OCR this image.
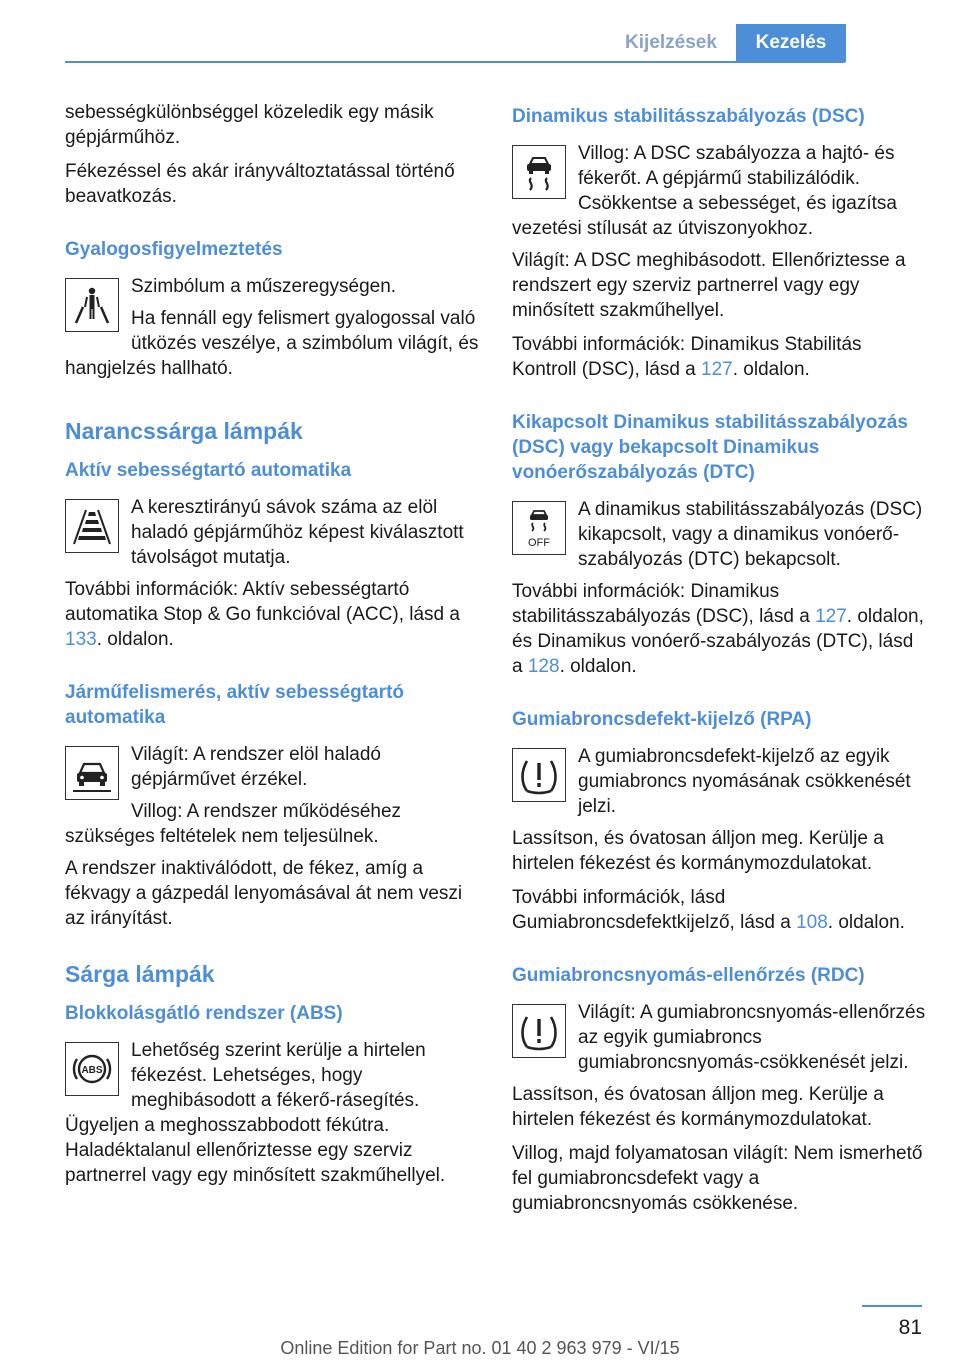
Kijelzések	Kezelés

sebességkülönbséggel közeledik egy másik gépjárműhöz.

Fékezéssel és akár irányváltoztatással történő beavatkozás.

Gyalogosfigyelmeztetés

Szimbólum a műszeregységen.

Ha fennáll egy felismert gyalogossal való ütközés veszélye, a szimbólum világít, és hangjelzés hallható.

Narancssárga lámpák
Aktív sebességtartó automatika

A keresztirányú sávok száma az elöl haladó gépjárműhöz képest kiválasztott távolságot mutatja.

További információk: Aktív sebességtartó automatika Stop & Go funkcióval (ACC), lásd a 133. oldalon.

Járműfelismerés, aktív sebességtartó automatika

Világít: A rendszer elöl haladó gépjárművet érzékel.

Villog: A rendszer működéséhez szükséges feltételek nem teljesülnek.

A rendszer inaktiválódott, de fékez, amíg a fékvagy a gázpedál lenyomásával át nem veszi az irányítást.

Sárga lámpák
Blokkolásgátló rendszer (ABS)
ABS

Lehetőség szerint kerülje a hirtelen fékezést. Lehetséges, hogy meghibásodott a fékerő-rásegítés. Ügyeljen a meghosszabbodott fékútra. Haladéktalanul ellenőriztesse egy szerviz partnerrel vagy egy minősített szakműhellyel.

Dinamikus stabilitásszabályozás (DSC)

Villog: A DSC szabályozza a hajtó- és fékerőt. A gépjármű stabilizálódik. Csökkentse a sebességet, és igazítsa vezetési stílusát az útviszonyokhoz.

Világít: A DSC meghibásodott. Ellenőriztesse a rendszert egy szerviz partnerrel vagy egy minősített szakműhellyel.

További információk: Dinamikus Stabilitás Kontroll (DSC), lásd a 127. oldalon.

Kikapcsolt Dinamikus stabilitásszabályozás (DSC) vagy bekapcsolt Dinamikus vonóerőszabályozás (DTC)
OFF

A dinamikus stabilitásszabályozás (DSC) kikapcsolt, vagy a dinamikus vonóerő-szabályozás (DTC) bekapcsolt.

További információk: Dinamikus stabilitásszabályozás (DSC), lásd a 127. oldalon, és Dinamikus vonóerő-szabályozás (DTC), lásd a 128. oldalon.

Gumiabroncsdefekt-kijelző (RPA)

A gumiabroncsdefekt-kijelző az egyik gumiabroncs nyomásának csökkenését jelzi.

Lassítson, és óvatosan álljon meg. Kerülje a hirtelen fékezést és kormánymozdulatokat.

További információk, lásd Gumiabroncsdefektkijelző, lásd a 108. oldalon.

Gumiabroncsnyomás-ellenőrzés (RDC)

Világít: A gumiabroncsnyomás-ellenőrzés az egyik gumiabroncs gumiabroncsnyomás-csökkenését jelzi.

Lassítson, és óvatosan álljon meg. Kerülje a hirtelen fékezést és kormánymozdulatokat.

Villog, majd folyamatosan világít: Nem ismerhető fel gumiabroncsdefekt vagy a gumiabroncsnyomás csökkenése.

81
Online Edition for Part no. 01 40 2 963 979 - VI/15
